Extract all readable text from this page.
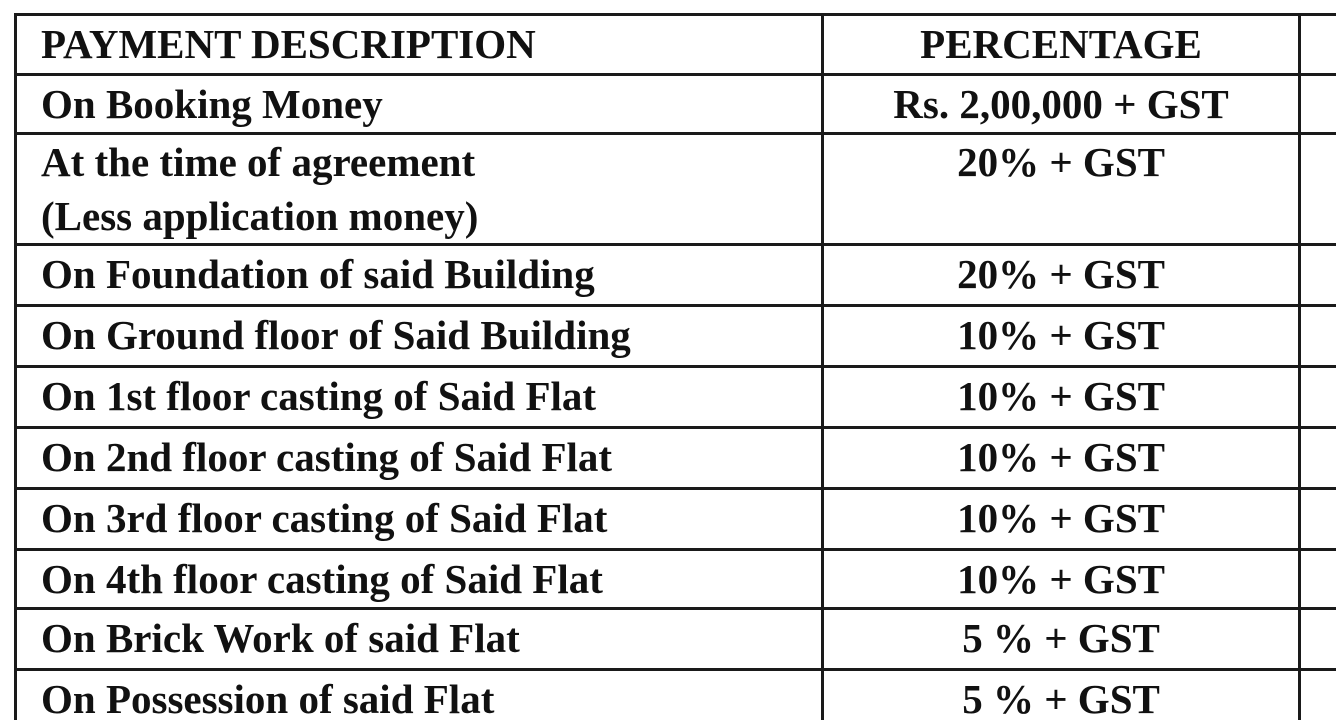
PAYMENT DESCRIPTION	PERCENTAGE	
On Booking Money	Rs. 2,00,000 + GST	

At the time of agreement
(Less application money)	20% + GST	
On Foundation of said Building	20% + GST	
On Ground floor of Said Building	10% + GST	
On 1st floor casting of Said Flat	10% + GST	
On 2nd floor casting of Said Flat	10% + GST	
On 3rd floor casting of Said Flat	10% + GST	
On 4th floor casting of Said Flat	10% + GST	
On Brick Work of said Flat	5 % + GST	
On Possession of said Flat	5 % + GST	
